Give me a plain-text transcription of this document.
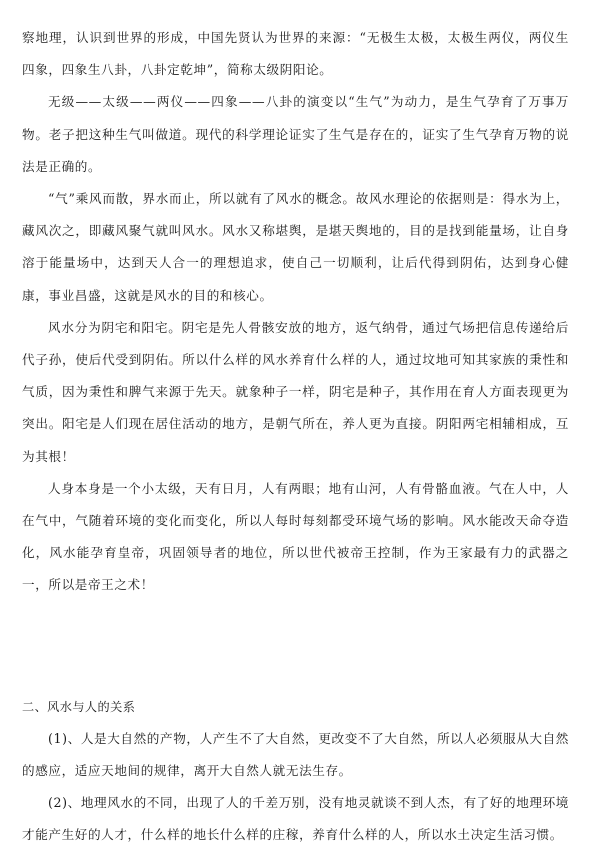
察地理，认识到世界的形成，中国先贤认为世界的来源：“无极生太极，太极生两仪，两仪生四象，四象生八卦，八卦定乾坤”，简称太级阴阳论。

无级——太级——两仪——四象——八卦的演变以“生气”为动力，是生气孕育了万事万物。老子把这种生气叫做道。现代的科学理论证实了生气是存在的，证实了生气孕育万物的说法是正确的。

“气”乘风而散，界水而止，所以就有了风水的概念。故风水理论的依据则是：得水为上，藏风次之，即藏风聚气就叫风水。风水又称堪舆，是堪天舆地的，目的是找到能量场，让自身溶于能量场中，达到天人合一的理想追求，使自己一切顺利，让后代得到阴佑，达到身心健康，事业昌盛，这就是风水的目的和核心。

风水分为阴宅和阳宅。阴宅是先人骨骸安放的地方，返气纳骨，通过气场把信息传递给后代子孙，使后代受到阴佑。所以什么样的风水养育什么样的人，通过坟地可知其家族的秉性和气质，因为秉性和脾气来源于先天。就象种子一样，阴宅是种子，其作用在育人方面表现更为突出。阳宅是人们现在居住活动的地方，是朝气所在，养人更为直接。阴阳两宅相辅相成，互为其根！

人身本身是一个小太级，天有日月，人有两眼；地有山河，人有骨骼血液。气在人中，人在气中，气随着环境的变化而变化，所以人每时每刻都受环境气场的影响。风水能改天命夺造化，风水能孕育皇帝，巩固领导者的地位，所以世代被帝王控制，作为王家最有力的武器之一，所以是帝王之术！

二、风水与人的关系

(1)、人是大自然的产物，人产生不了大自然，更改变不了大自然，所以人必须服从大自然的感应，适应天地间的规律，离开大自然人就无法生存。

(2)、地理风水的不同，出现了人的千差万别，没有地灵就谈不到人杰，有了好的地理环境才能产生好的人才，什么样的地长什么样的庄稼，养育什么样的人，所以水土决定生活习惯。
